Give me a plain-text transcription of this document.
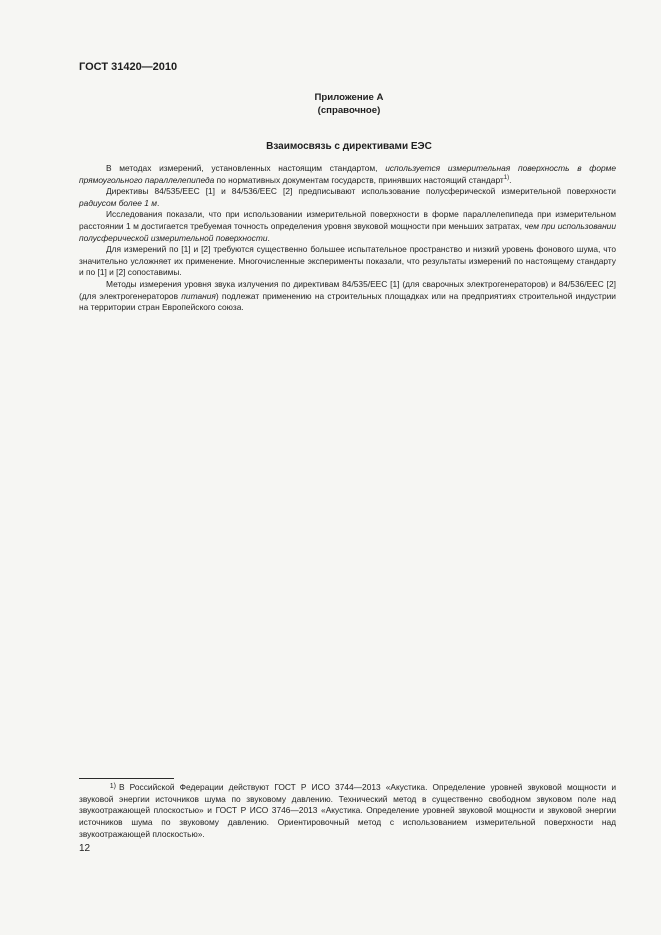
ГОСТ 31420—2010
Приложение А
(справочное)
Взаимосвязь с директивами ЕЭС

В методах измерений, установленных настоящим стандартом, используется измерительная поверхность в форме прямоугольного параллелепипеда по нормативных документам государств, принявших настоящий стандарт$^{1)}$.

Директивы 84/535/ЕЕС [1] и 84/536/ЕЕС [2] предписывают использование полусферической измерительной поверхности радиусом более 1 м.

Исследования показали, что при использовании измерительной поверхности в форме параллелепипеда при измерительном расстоянии 1 м достигается требуемая точность определения уровня звуковой мощности при меньших затратах, чем при использовании полусферической измерительной поверхности.

Для измерений по [1] и [2] требуются существенно большее испытательное пространство и низкий уровень фонового шума, что значительно усложняет их применение. Многочисленные эксперименты показали, что результаты измерений по настоящему стандарту и по [1] и [2] сопоставимы.

Методы измерения уровня звука излучения по директивам 84/535/ЕЕС [1] (для сварочных электрогенераторов) и 84/536/ЕЕС [2] (для электрогенераторов питания) подлежат применению на строительных площадках или на предприятиях строительной индустрии на территории стран Европейского союза.

1) В Российской Федерации действуют ГОСТ Р ИСО 3744—2013 «Акустика. Определение уровней звуковой мощности и звуковой энергии источников шума по звуковому давлению. Технический метод в существенно свободном звуковом поле над звукоотражающей плоскостью» и ГОСТ Р ИСО 3746—2013 «Акустика. Определение уровней звуковой мощности и звуковой энергии источников шума по звуковому давлению. Ориентировочный метод с использованием измерительной поверхности над звукоотражающей плоскостью».
12
